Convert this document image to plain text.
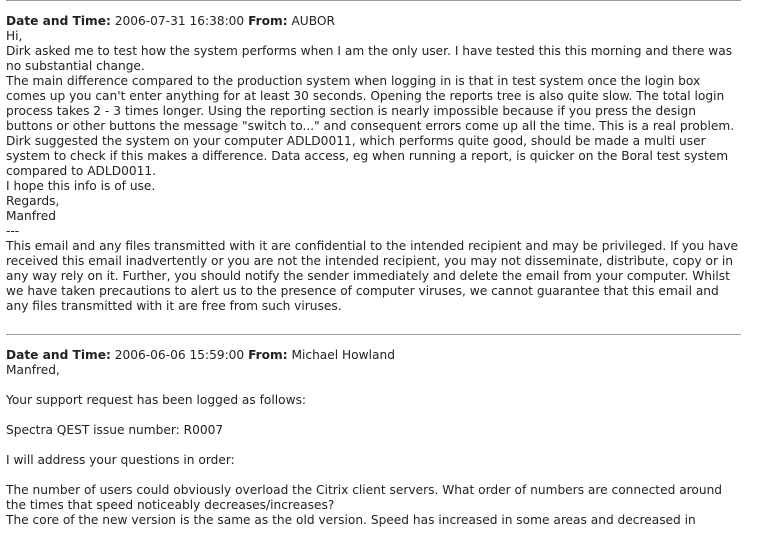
Date and Time: 2006-07-31 16:38:00 From: AUBOR
Hi,
Dirk asked me to test how the system performs when I am the only user. I have tested this this morning and there was no substantial change.
The main difference compared to the production system when logging in is that in test system once the login box comes up you can't enter anything for at least 30 seconds. Opening the reports tree is also quite slow. The total login process takes 2 - 3 times longer. Using the reporting section is nearly impossible because if you press the design buttons or other buttons the message "switch to..." and consequent errors come up all the time. This is a real problem.
Dirk suggested the system on your computer ADLD0011, which performs quite good, should be made a multi user system to check if this makes a difference. Data access, eg when running a report, is quicker on the Boral test system compared to ADLD0011.
I hope this info is of use.
Regards,
Manfred
---
This email and any files transmitted with it are confidential to the intended recipient and may be privileged. If you have received this email inadvertently or you are not the intended recipient, you may not disseminate, distribute, copy or in any way rely on it. Further, you should notify the sender immediately and delete the email from your computer. Whilst we have taken precautions to alert us to the presence of computer viruses, we cannot guarantee that this email and any files transmitted with it are free from such viruses.
Date and Time: 2006-06-06 15:59:00 From: Michael Howland
Manfred,
Your support request has been logged as follows:
Spectra QEST issue number: R0007
I will address your questions in order:
The number of users could obviously overload the Citrix client servers. What order of numbers are connected around the times that speed noticeably decreases/increases?
The core of the new version is the same as the old version. Speed has increased in some areas and decreased in
